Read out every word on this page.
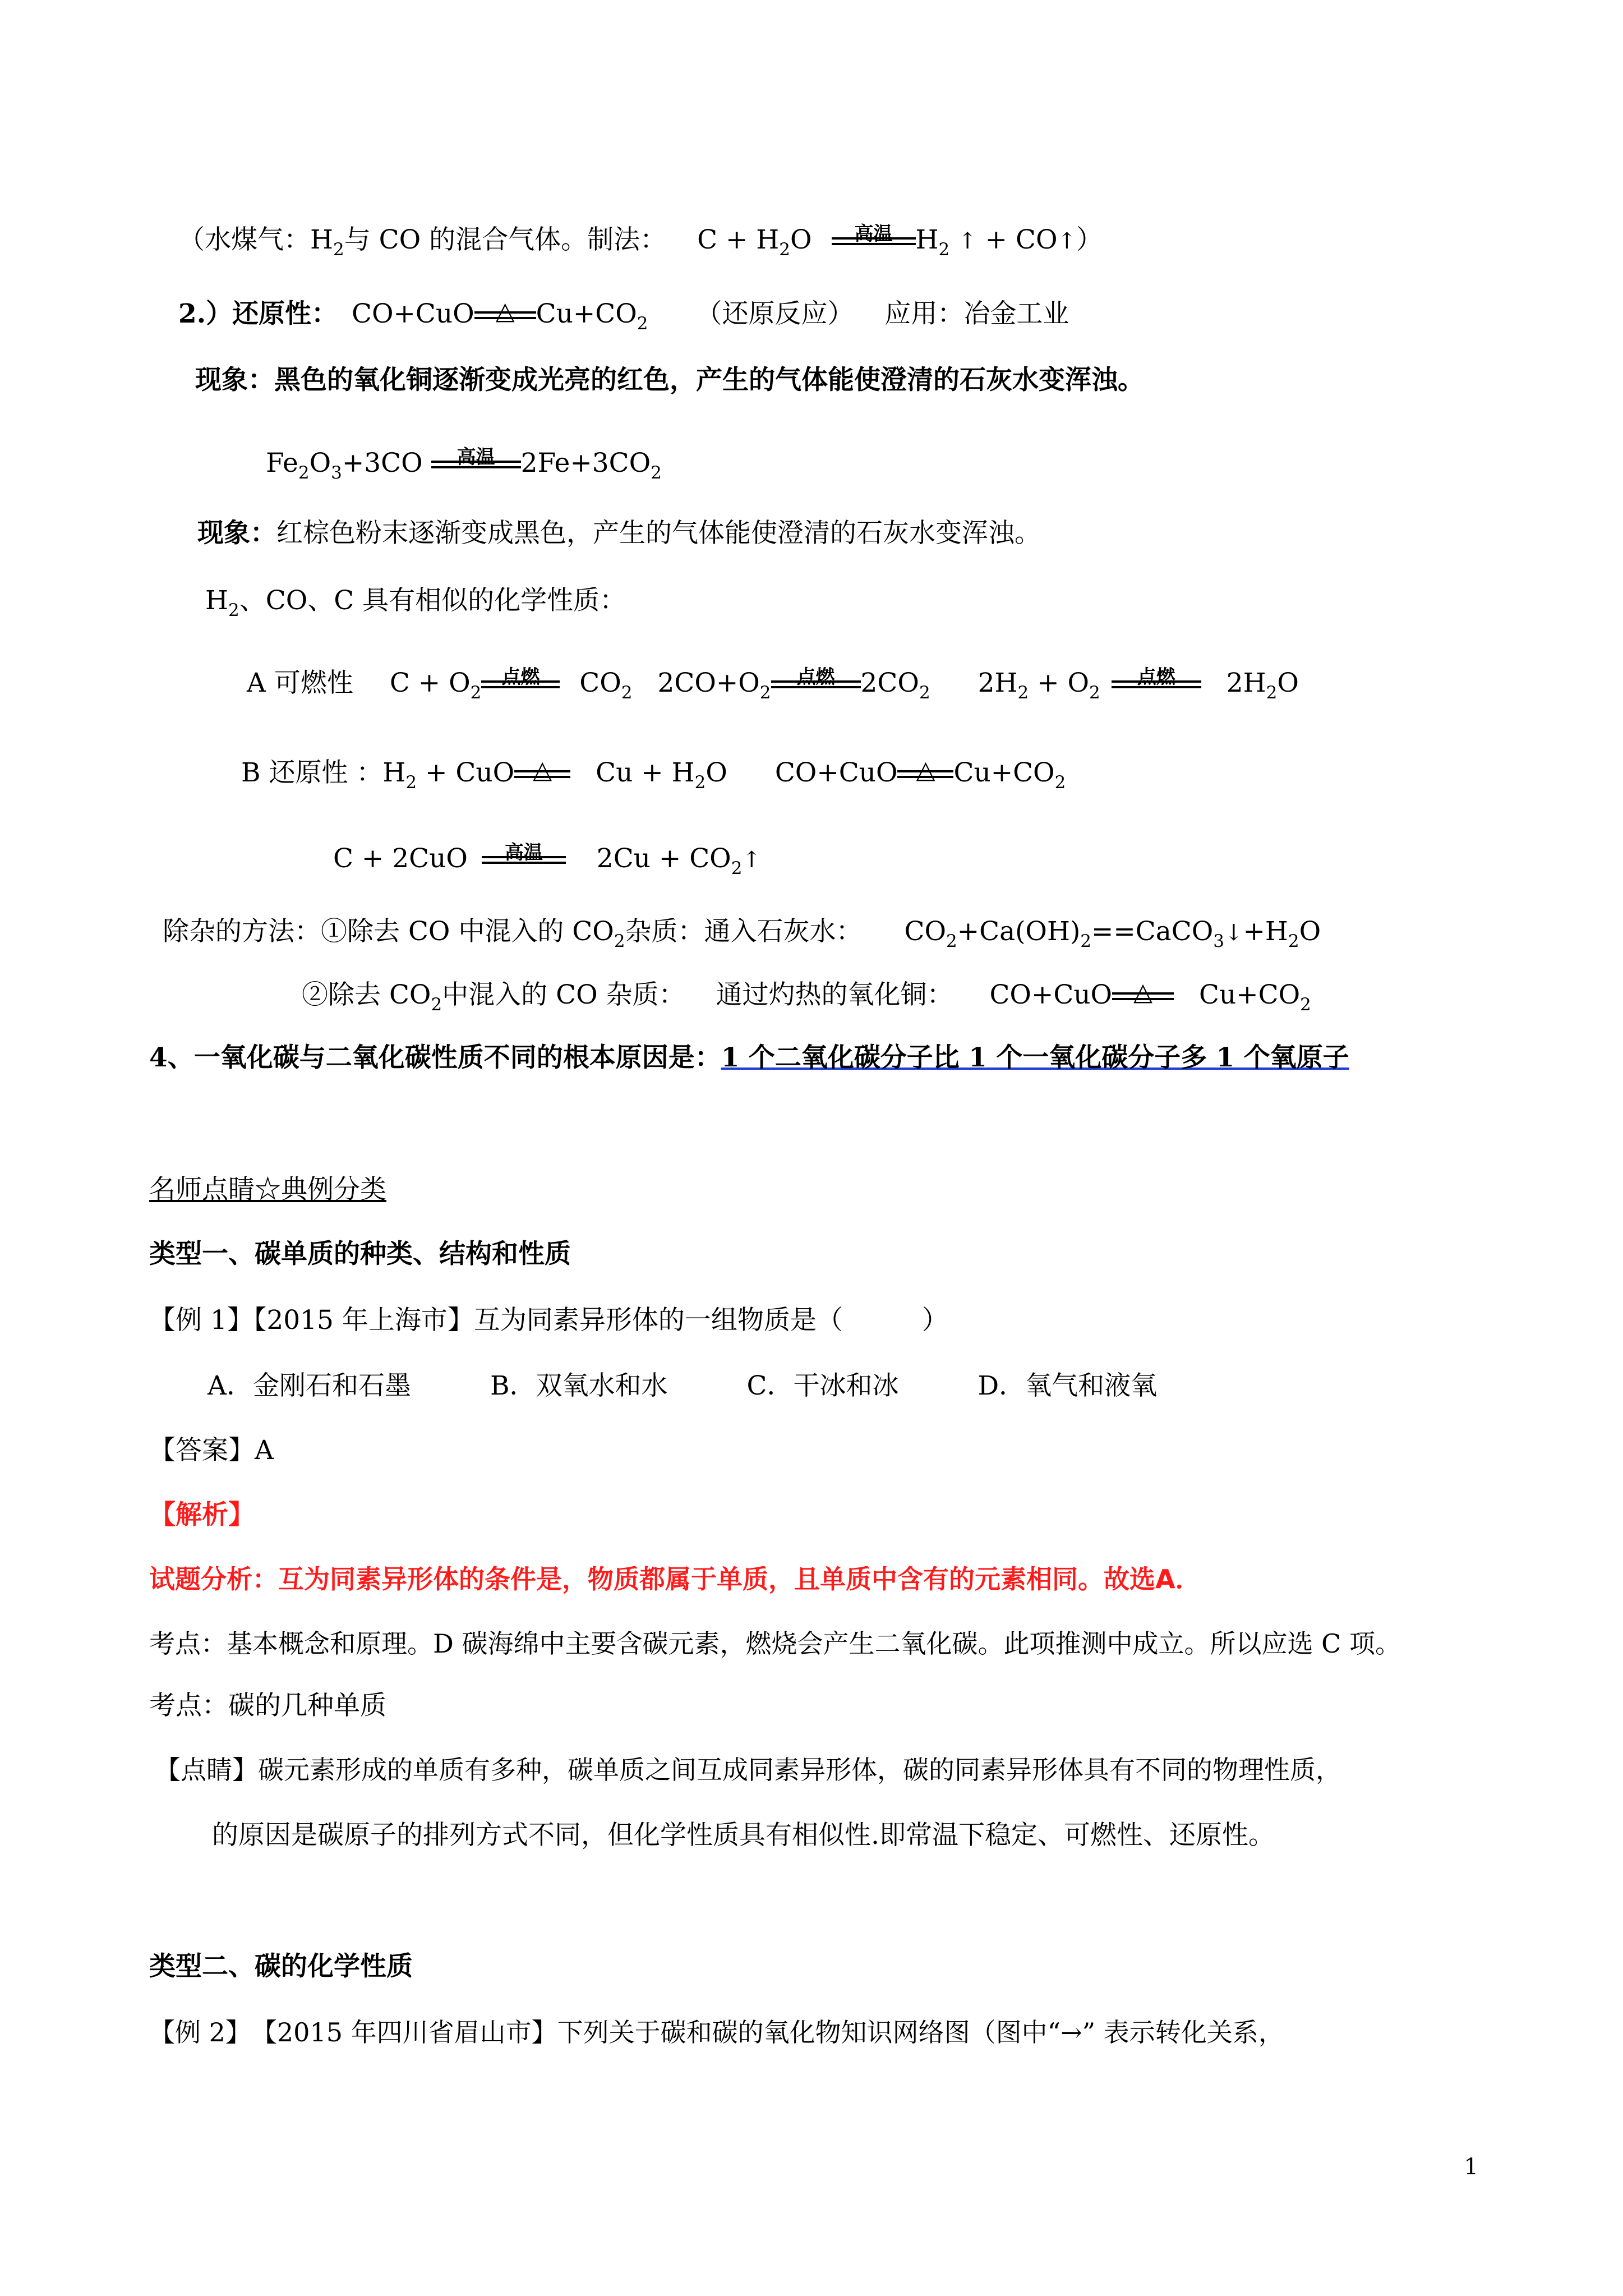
（水煤气：$H_2$与 CO 的混合气体。制法： $C + H_2O$	高温 $H_2$ ↑ + CO↑）
2.）还原性： CO+CuO △ $Cu+CO_2$ （还原反应） 应用：冶金工业
现象：黑色的氧化铜逐渐变成光亮的红色，产生的气体能使澄清的石灰水变浑浊。
$Fe_2O_3+3CO$	高温 $2Fe+3CO_2$
现象：红棕色粉末逐渐变成黑色，产生的气体能使澄清的石灰水变浑浊。
$H_2$、CO、C 具有相似的化学性质：
A 可燃性 $C + O_2$
点燃	$CO_2$ $2CO+O_2$
点燃 $2CO_2$ $2H_2 + O_2$
点燃	$2H_2O$
B 还原性 ：$H_2$ + CuO △	$Cu + H_2O$ CO+CuO △ $Cu+CO_2$
C + 2CuO	高温	$2Cu + CO_2↑$
除杂的方法：①除去 CO 中混入的 $CO_2$杂质：通入石灰水： $CO_2+Ca(OH)_2==CaCO_3↓+H_2O$
②除去 $CO_2$中混入的 CO 杂质： 通过灼热的氧化铜： CO+CuO △	$Cu+CO_2$
4、一氧化碳与二氧化碳性质不同的根本原因是：1 个二氧化碳分子比 1 个一氧化碳分子多 1 个氧原子
名师点睛☆典例分类
类型一、碳单质的种类、结构和性质
【例 1】【2015 年上海市】互为同素异形体的一组物质是（　　　）
A．金刚石和石墨　　　B．双氧水和水　　　C．干冰和冰　　　D．氧气和液氧
【答案】A
【解析】
试题分析：互为同素异形体的条件是，物质都属于单质，且单质中含有的元素相同。故选A．
考点：基本概念和原理。D 碳海绵中主要含碳元素，燃烧会产生二氧化碳。此项推测中成立。所以应选 C 项。
考点：碳的几种单质
【点睛】碳元素形成的单质有多种，碳单质之间互成同素异形体，碳的同素异形体具有不同的物理性质，
的原因是碳原子的排列方式不同，但化学性质具有相似性.即常温下稳定、可燃性、还原性。
类型二、碳的化学性质
【例 2】　【2015 年四川省眉山市】下列关于碳和碳的氧化物知识网络图（图中“→” 表示转化关系，
1
